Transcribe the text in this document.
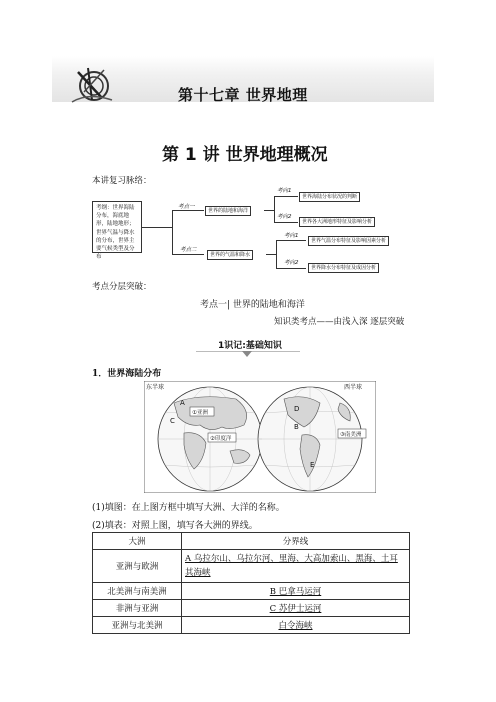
第十七章 世界地理
第 1 讲 世界地理概况
本讲复习脉络：
考纲：世界海陆分布，海底地形，陆地地形；世界气温与降水的分布，世界主要气候类型及分布
考点一
世界的陆地和海洋
考点二
世界的气温和降水
考向1
世界海陆分布状况的判断
考向2
世界各大洲地形特征及影响分析
考向1
世界气温分布特征及影响因素分析
考向2
世界降水分布特征及成因分析
考点分层突破：
考点一| 世界的陆地和海洋
知识类考点——由浅入深 逐层突破
1识记:基础知识
1．世界海陆分布
东半球	西半球
①亚洲
②印度洋
③南美洲
A
B
C
D
E
(1)填图：在上图方框中填写大洲、大洋的名称。
(2)填表：对照上图，填写各大洲的界线。
大洲	分界线
亚洲与欧洲	A 乌拉尔山、乌拉尔河、里海、大高加索山、黑海、土耳其海峡
北美洲与南美洲	B 巴拿马运河
非洲与亚洲	C 苏伊士运河
亚洲与北美洲	白令海峡
